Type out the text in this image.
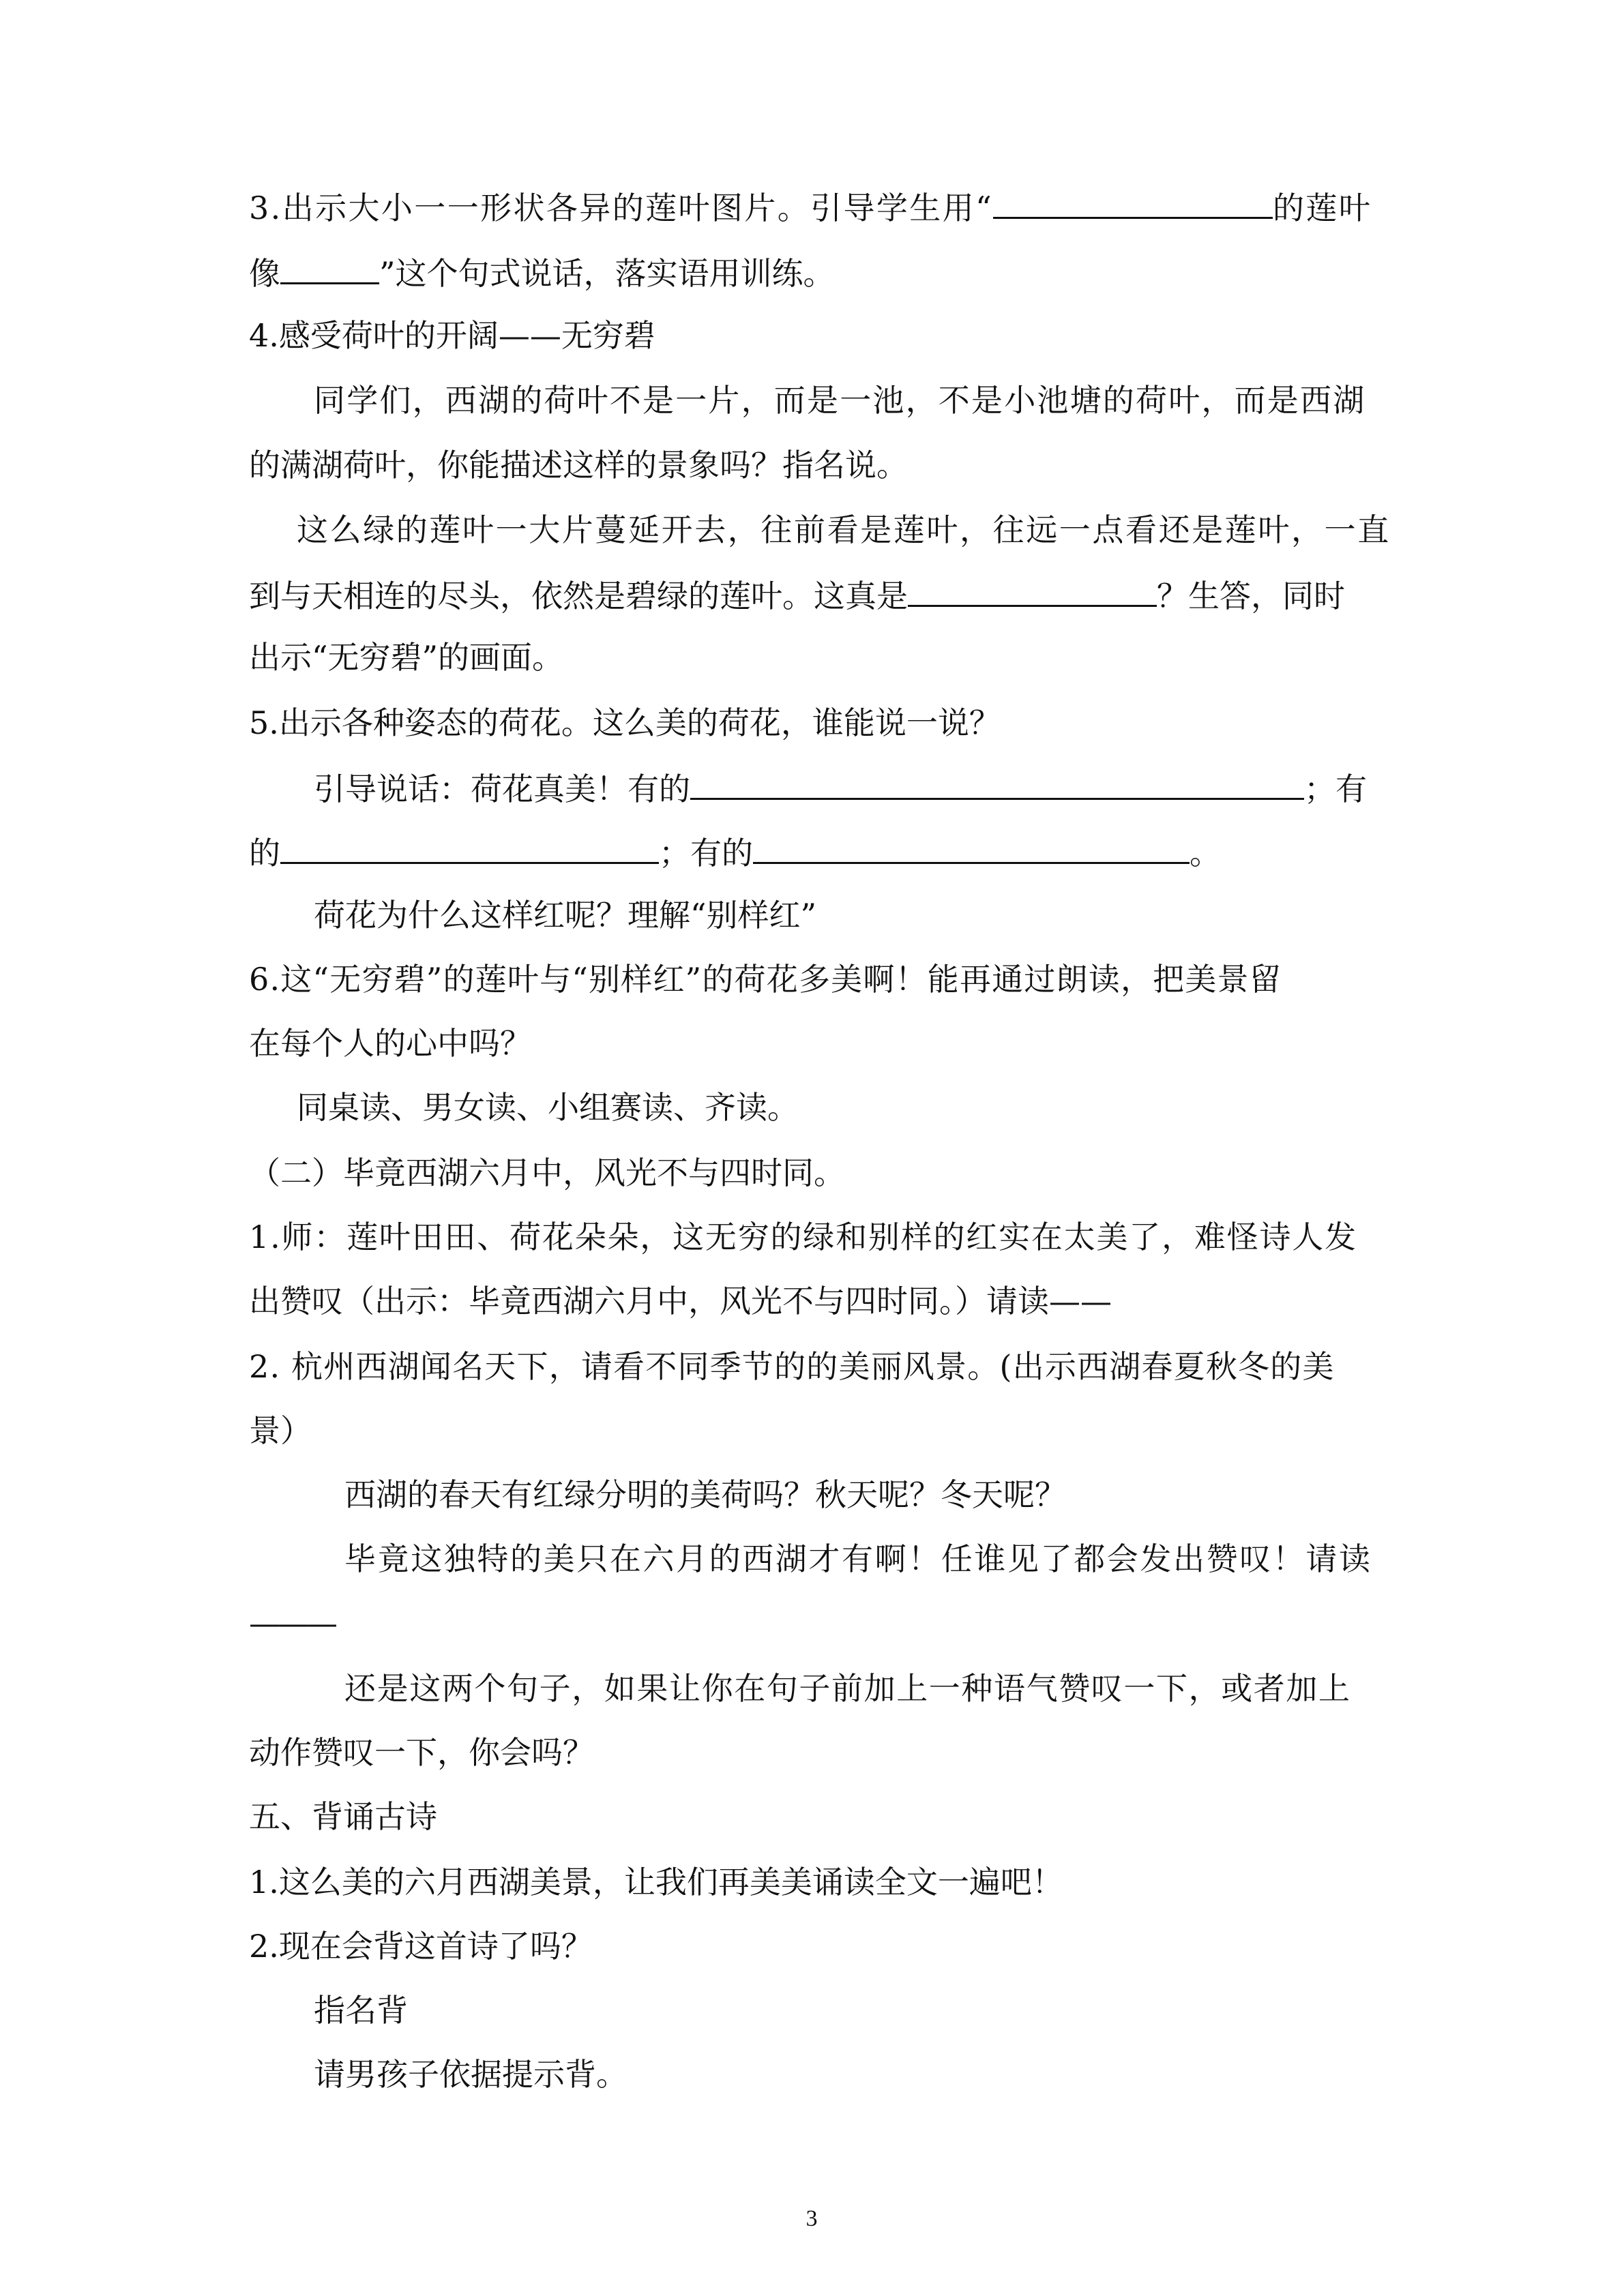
3.出示大小一一形状各异的莲叶图片。引导学生用“	的莲叶
像	”这个句式说话，落实语用训练。
4.感受荷叶的开阔——无穷碧
同学们，西湖的荷叶不是一片，而是一池，不是小池塘的荷叶，而是西湖
的满湖荷叶，你能描述这样的景象吗？指名说。
这么绿的莲叶一大片蔓延开去，往前看是莲叶，往远一点看还是莲叶，一直
到与天相连的尽头，依然是碧绿的莲叶。这真是	？生答，同时
出示“无穷碧”的画面。
5.出示各种姿态的荷花。这么美的荷花，谁能说一说？
引导说话：荷花真美！有的	；有
的	；有的	。
荷花为什么这样红呢？理解“别样红”
6.这“无穷碧”的莲叶与“别样红”的荷花多美啊！能再通过朗读，把美景留
在每个人的心中吗？
同桌读、男女读、小组赛读、齐读。
（二）毕竟西湖六月中，风光不与四时同。
1.师：莲叶田田、荷花朵朵，这无穷的绿和别样的红实在太美了，难怪诗人发
出赞叹（出示：毕竟西湖六月中，风光不与四时同。）请读——
2. 杭州西湖闻名天下，请看不同季节的的美丽风景。(出示西湖春夏秋冬的美
景）
西湖的春天有红绿分明的美荷吗？秋天呢？冬天呢？
毕竟这独特的美只在六月的西湖才有啊！任谁见了都会发出赞叹！请读
———
还是这两个句子，如果让你在句子前加上一种语气赞叹一下，或者加上
动作赞叹一下，你会吗？
五、背诵古诗
1.这么美的六月西湖美景，让我们再美美诵读全文一遍吧！
2.现在会背这首诗了吗？
指名背
请男孩子依据提示背。
3
